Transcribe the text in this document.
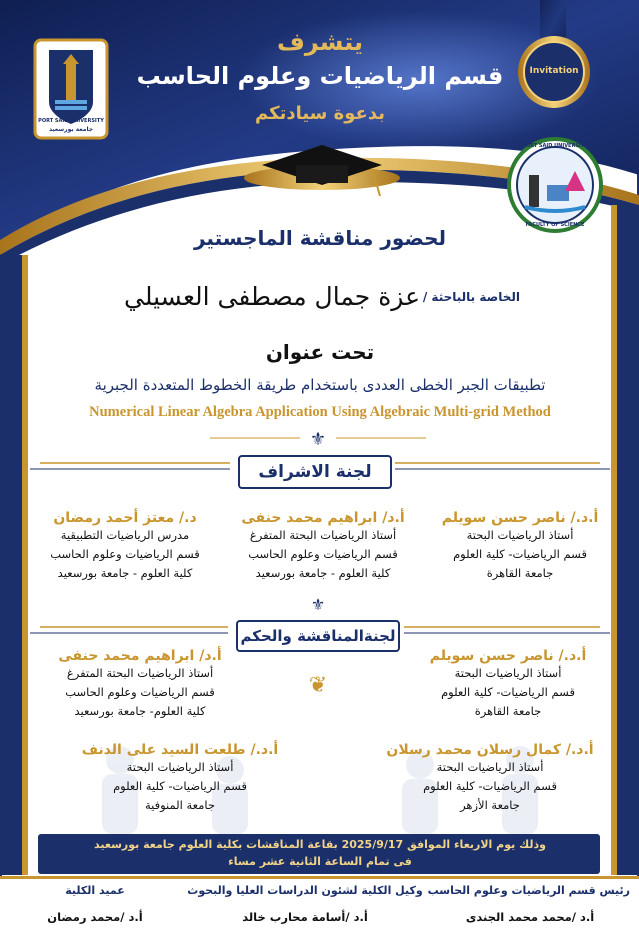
⚜
⚜
❦
Invitation
PORT SAID UNIVERSITY
جامعة بورسعيد
PORT SAID UNIVERSITY
FACULTY OF SCIENCE
يتشرف
قسم الرياضيات وعلوم الحاسب
بدعوة سيادتكم
لحضور مناقشة الماجستير
الخاصة بالباحثة /
عزة جمال مصطفى العسيلي
تحت عنوان
تطبيقات الجبر الخطى العددى باستخدام طريقة الخطوط المتعددة الجبرية
Numerical Linear Algebra Application Using Algebraic Multi-grid Method
لجنة الاشراف
أ.د./ ناصر حسن سويلم
أستاذ الرياضيات البحتة
قسم الرياضيات- كلية العلوم
جامعة القاهرة
أ.د/ ابراهيم محمد حنفى
أستاذ الرياضيات البحتة المتفرغ
قسم الرياضيات وعلوم الحاسب
كلية العلوم - جامعة بورسعيد
د./ معتز أحمد رمضان
مدرس الرياضيات التطبيقية
قسم الرياضيات وعلوم الحاسب
كلية العلوم - جامعة بورسعيد
لجنةالمناقشة والحكم
أ.د./ ناصر حسن سويلم
أستاذ الرياضيات البحتة
قسم الرياضيات- كلية العلوم
جامعة القاهرة
أ.د/ ابراهيم محمد حنفى
أستاذ الرياضيات البحتة المتفرغ
قسم الرياضيات وعلوم الحاسب
كلية العلوم- جامعة بورسعيد
أ.د./ كمال رسلان محمد رسلان
أستاذ الرياضيات البحتة
قسم الرياضيات- كلية العلوم
جامعة الأزهر
أ.د./ طلعت السيد على الدنف
أستاذ الرياضيات البحتة
قسم الرياضيات- كلية العلوم
جامعة المنوفية
وذلك يوم الاربعاء الموافق 2025/9/17 بقاعة المناقشات بكلية العلوم جامعة بورسعيد
فى تمام الساعة الثانية عشر مساء
رئيس قسم الرياضيات وعلوم الحاسب
أ.د /محمد محمد الجندى
وكيل الكلية لشئون الدراسات العليا والبحوث
أ.د /أسامة محارب خالد
عميد الكلية
أ.د /محمد رمضان
